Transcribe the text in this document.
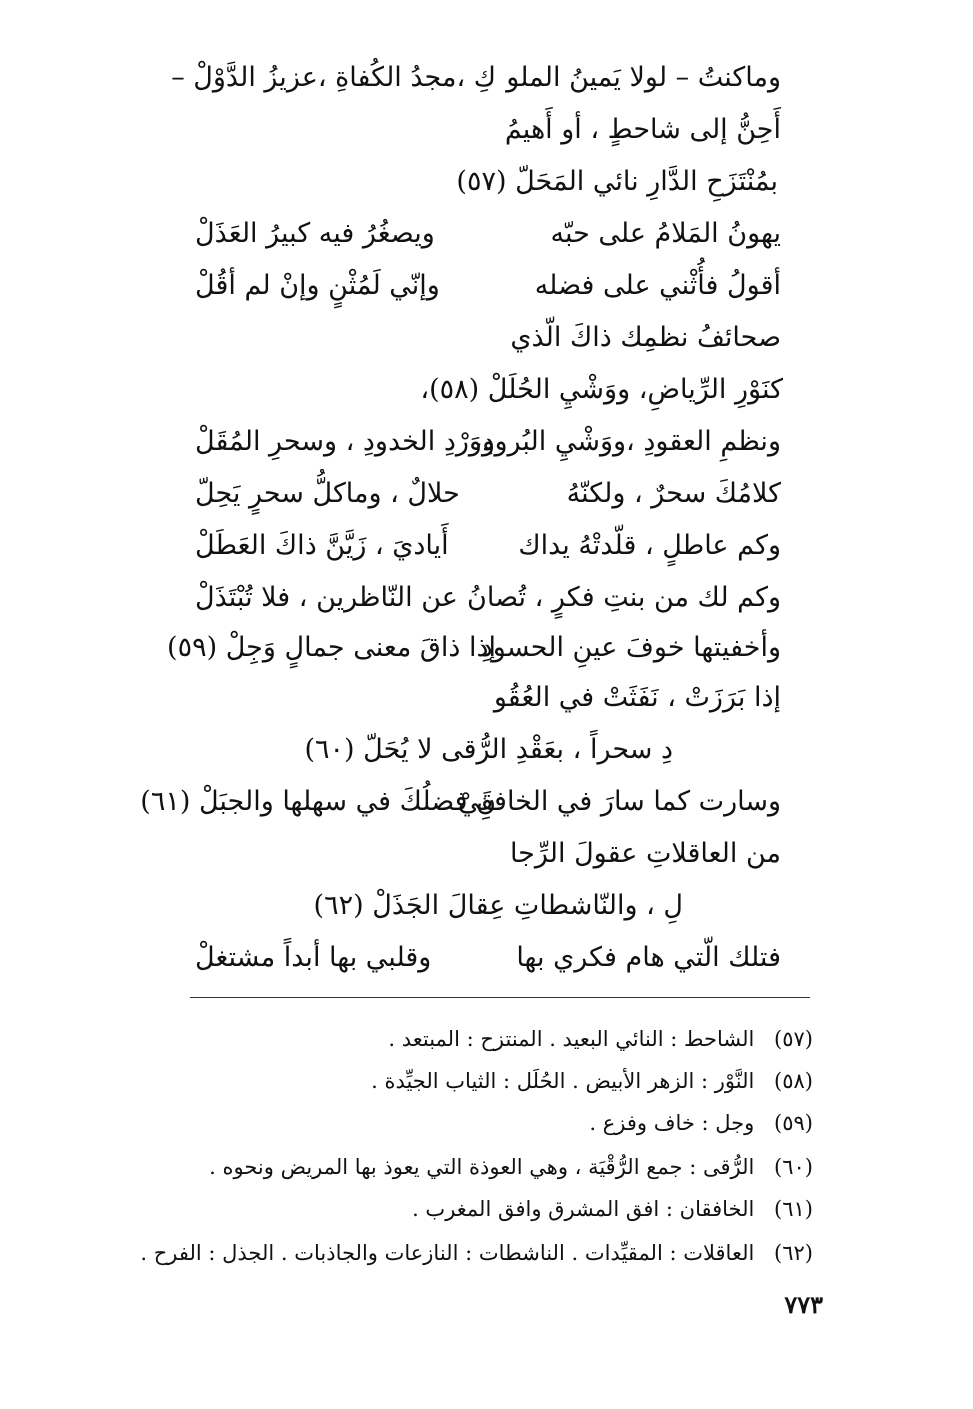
وماكنتُ – لولا يَمينُ الملو
كِ ،مجدُ الكُفاةِ ،عزيزُ الدَّوْلْ –
أَحِنُّ إلى شاحطٍ ، أو أَهيمُ
بمُنْتَزَحِ الدَّارِ نائي المَحَلّ (٥٧)
يهونُ المَلامُ على حبّه
ويصغُرُ فيه كبيرُ العَذَلْ
أقولُ فأُثْني على فضله
وإنّي لَمُثْنٍ وإنْ لم أقُلْ
صحائفُ نظمِك ذاكَ الّذي
كنَوْرِ الرِّياضِ، ووَشْيِ الحُلَلْ (٥٨)،
ونظمِ العقودِ ،ووَشْيِ البُرودِ،
ووَرْدِ الخدودِ ، وسحرِ المُقَلْ
كلامُكَ سحرٌ ، ولكنّهُ
حلالٌ ، وماكلُّ سحرٍ يَحِلّ
وكم عاطلٍ ، قلّدتْهُ يداك
أَياديَ ، زَيَّنَّ ذاكَ العَطَلْ
وكم لك من بنتِ فكرٍ ، تُصانُ
عن النّاظرين ، فلا تُبْتَذَلْ
وأخفيتها خوفَ عينِ الحسودِ
إذا ذاقَ معنى جمالٍ وَجِلْ (٥٩)
إذا بَرَزَتْ ، نَفَثَتْ في العُقُو
دِ سحراً ، بعَقْدِ الرُّقى لا يُحَلّ (٦٠)
وسارت كما سارَ في الخافقَيْ
نِ فضلُكَ في سهلها والجبَلْ (٦١)
من العاقلاتِ عقولَ الرِّجا
لِ ، والنّاشطاتِ عِقالَ الجَذَلْ (٦٢)
فتلك الّتي هام فكري بها
وقلبي بها أبداً مشتغلْ
(٥٧) الشاحط : النائي البعيد . المنتزح : المبتعد .
(٥٨) النَّوْر : الزهر الأبيض . الحُلَل : الثياب الجيِّدة .
(٥٩) وجل : خاف وفزع .
(٦٠) الرُّقى : جمع الرُّقْيَة ، وهي العوذة التي يعوذ بها المريض ونحوه .
(٦١) الخافقان : افق المشرق وافق المغرب .
(٦٢) العاقلات : المقيِّدات . الناشطات : النازعات والجاذبات . الجذل : الفرح .
٧٧٣
